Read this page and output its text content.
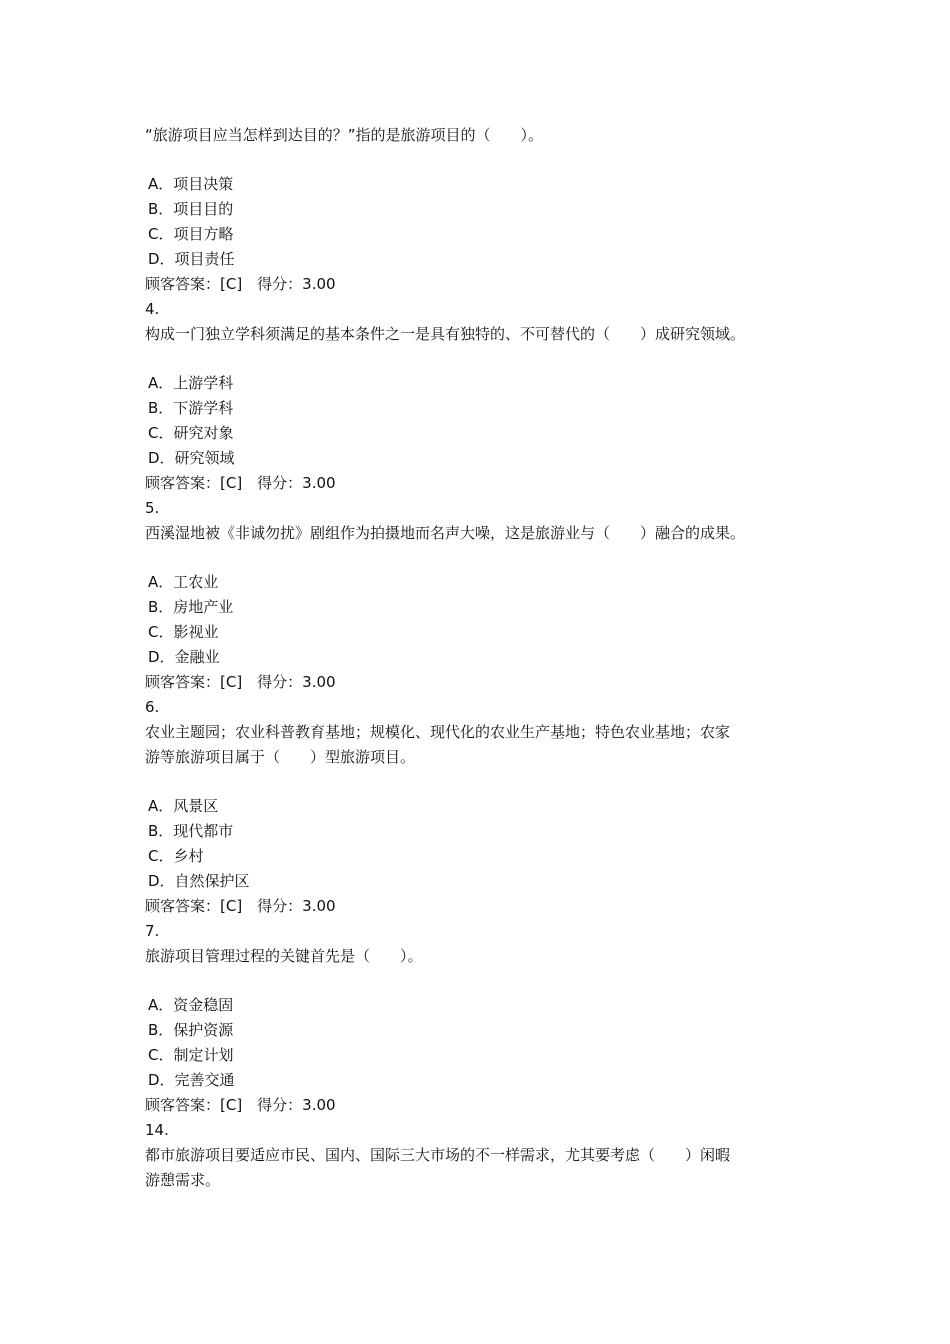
“旅游项目应当怎样到达目的？”指的是旅游项目的（　　）。
A．项目决策
B．项目目的
C．项目方略
D．项目责任
顾客答案：[C]　得分：3.00
4.
构成一门独立学科须满足的基本条件之一是具有独特的、不可替代的（　　）成研究领域。
A．上游学科
B．下游学科
C．研究对象
D．研究领域
顾客答案：[C]　得分：3.00
5.
西溪湿地被《非诚勿扰》剧组作为拍摄地而名声大噪，这是旅游业与（　　）融合的成果。
A．工农业
B．房地产业
C．影视业
D．金融业
顾客答案：[C]　得分：3.00
6.
农业主题园；农业科普教育基地；规模化、现代化的农业生产基地；特色农业基地；农家
游等旅游项目属于（　　）型旅游项目。
A．风景区
B．现代都市
C．乡村
D．自然保护区
顾客答案：[C]　得分：3.00
7.
旅游项目管理过程的关键首先是（　　）。
A．资金稳固
B．保护资源
C．制定计划
D．完善交通
顾客答案：[C]　得分：3.00
14.
都市旅游项目要适应市民、国内、国际三大市场的不一样需求，尤其要考虑（　　）闲暇
游憩需求。
